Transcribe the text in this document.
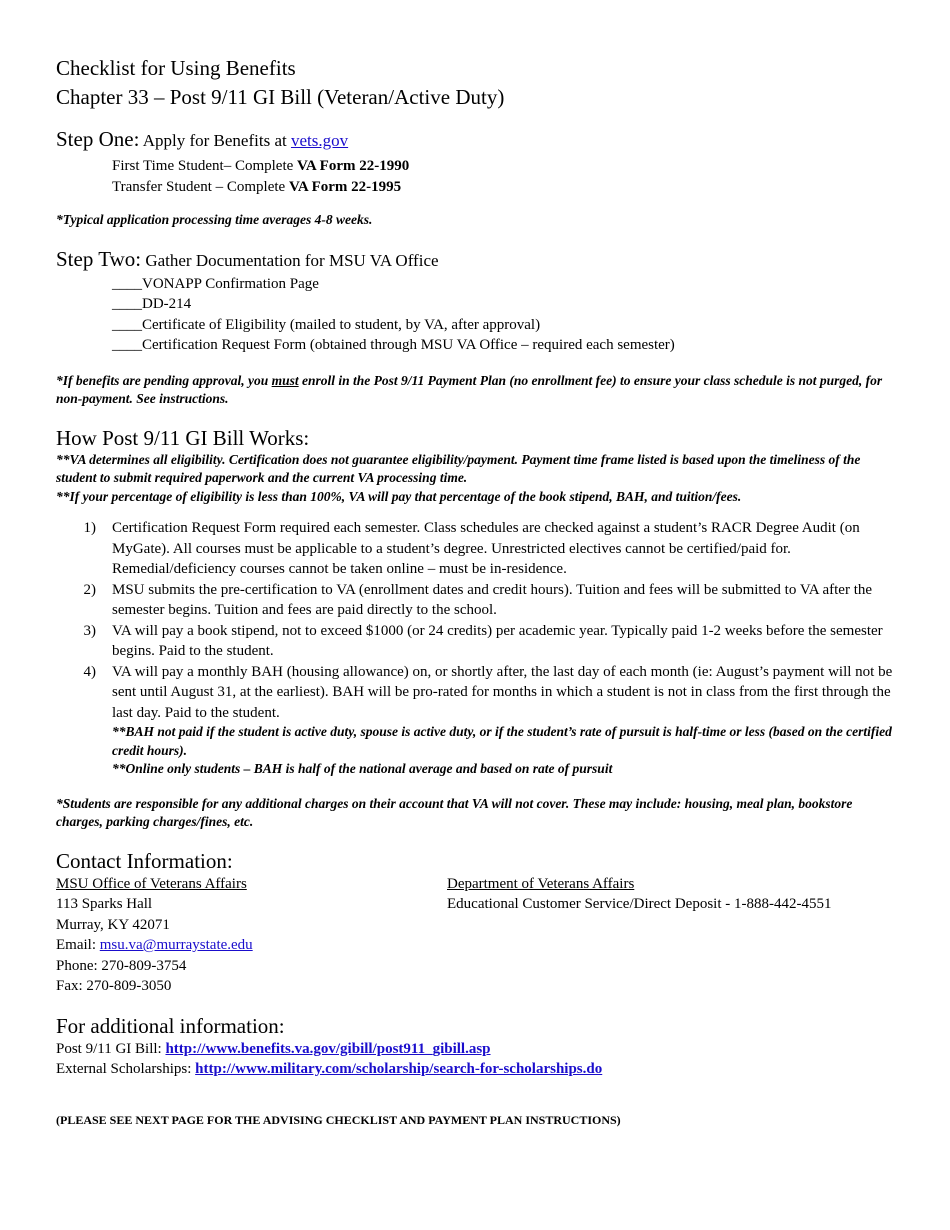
Checklist for Using Benefits
Chapter 33 – Post 9/11 GI Bill (Veteran/Active Duty)
Step One: Apply for Benefits at vets.gov
First Time Student– Complete VA Form 22-1990
Transfer Student – Complete VA Form 22-1995
*Typical application processing time averages 4-8 weeks.
Step Two: Gather Documentation for MSU VA Office
____VONAPP Confirmation Page
____DD-214
____Certificate of Eligibility (mailed to student, by VA, after approval)
____Certification Request Form (obtained through MSU VA Office – required each semester)
*If benefits are pending approval, you must enroll in the Post 9/11 Payment Plan (no enrollment fee) to ensure your class schedule is not purged, for non-payment. See instructions.
How Post 9/11 GI Bill Works:
**VA determines all eligibility. Certification does not guarantee eligibility/payment. Payment time frame listed is based upon the timeliness of the student to submit required paperwork and the current VA processing time.
**If your percentage of eligibility is less than 100%, VA will pay that percentage of the book stipend, BAH, and tuition/fees.
1)	Certification Request Form required each semester. Class schedules are checked against a student’s RACR Degree Audit (on MyGate). All courses must be applicable to a student’s degree. Unrestricted electives cannot be certified/paid for. Remedial/deficiency courses cannot be taken online – must be in-residence.
2)	MSU submits the pre-certification to VA (enrollment dates and credit hours). Tuition and fees will be submitted to VA after the semester begins. Tuition and fees are paid directly to the school.
3)	VA will pay a book stipend, not to exceed $1000 (or 24 credits) per academic year. Typically paid 1-2 weeks before the semester begins. Paid to the student.
4)	VA will pay a monthly BAH (housing allowance) on, or shortly after, the last day of each month (ie: August’s payment will not be sent until August 31, at the earliest). BAH will be pro-rated for months in which a student is not in class from the first through the last day. Paid to the student.
**BAH not paid if the student is active duty, spouse is active duty, or if the student’s rate of pursuit is half-time or less (based on the certified credit hours).
**Online only students – BAH is half of the national average and based on rate of pursuit
*Students are responsible for any additional charges on their account that VA will not cover. These may include: housing, meal plan, bookstore charges, parking charges/fines, etc.
Contact Information:
MSU Office of Veterans Affairs
113 Sparks Hall
Murray, KY 42071
Email: msu.va@murraystate.edu
Phone: 270-809-3754
Fax: 270-809-3050
Department of Veterans Affairs
Educational Customer Service/Direct Deposit - 1-888-442-4551
For additional information:
Post 9/11 GI Bill: http://www.benefits.va.gov/gibill/post911_gibill.asp
External Scholarships: http://www.military.com/scholarship/search-for-scholarships.do
(PLEASE SEE NEXT PAGE FOR THE ADVISING CHECKLIST AND PAYMENT PLAN INSTRUCTIONS)
